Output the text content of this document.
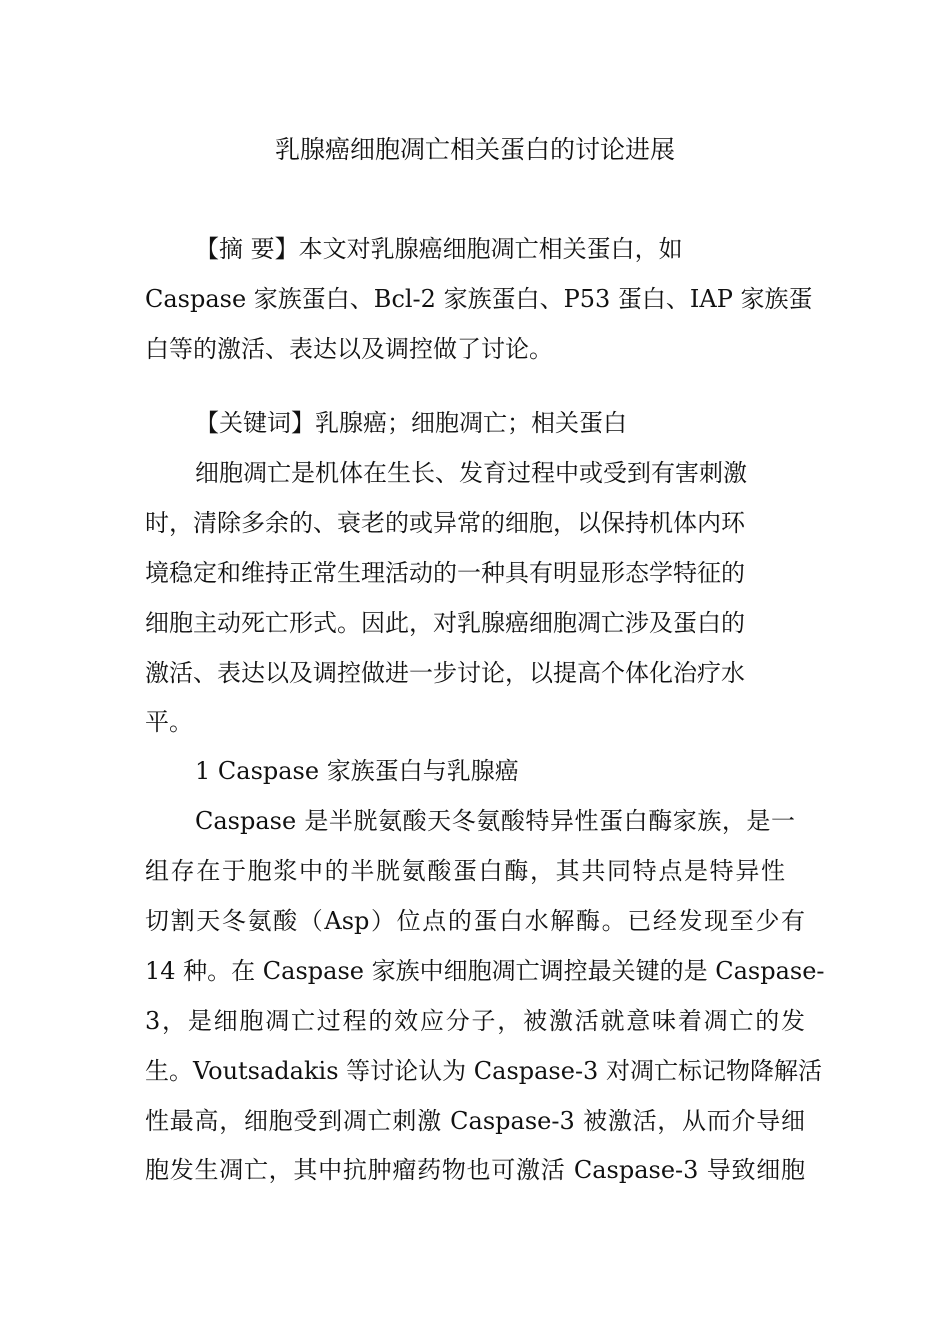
乳腺癌细胞凋亡相关蛋白的讨论进展
【摘 要】本文对乳腺癌细胞凋亡相关蛋白，如
Caspase 家族蛋白、Bcl-2 家族蛋白、P53 蛋白、IAP 家族蛋
白等的激活、表达以及调控做了讨论。
【关键词】乳腺癌；细胞凋亡；相关蛋白
细胞凋亡是机体在生长、发育过程中或受到有害刺激
时，清除多余的、衰老的或异常的细胞，以保持机体内环
境稳定和维持正常生理活动的一种具有明显形态学特征的
细胞主动死亡形式。因此，对乳腺癌细胞凋亡涉及蛋白的
激活、表达以及调控做进一步讨论，以提高个体化治疗水
平。
1 Caspase 家族蛋白与乳腺癌
Caspase 是半胱氨酸天冬氨酸特异性蛋白酶家族，是一
组存在于胞浆中的半胱氨酸蛋白酶，其共同特点是特异性
切割天冬氨酸（Asp）位点的蛋白水解酶。已经发现至少有
14 种。在 Caspase 家族中细胞凋亡调控最关键的是 Caspase-
3，是细胞凋亡过程的效应分子，被激活就意味着凋亡的发
生。Voutsadakis 等讨论认为 Caspase-3 对凋亡标记物降解活
性最高，细胞受到凋亡刺激 Caspase-3 被激活，从而介导细
胞发生凋亡，其中抗肿瘤药物也可激活 Caspase-3 导致细胞
